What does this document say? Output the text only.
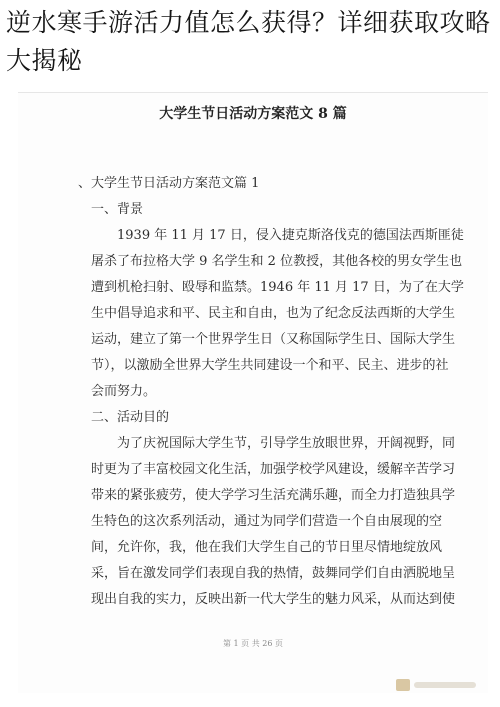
逆水寒手游活力值怎么获得？详细获取攻略大揭秘
大学生节日活动方案范文 8 篇
、大学生节日活动方案范文篇 1
一、背景
1939 年 11 月 17 日，侵入捷克斯洛伐克的德国法西斯匪徒
屠杀了布拉格大学 9 名学生和 2 位教授，其他各校的男女学生也
遭到机枪扫射、殴辱和监禁。1946 年 11 月 17 日，为了在大学
生中倡导追求和平、民主和自由，也为了纪念反法西斯的大学生
运动，建立了第一个世界学生日（又称国际学生日、国际大学生
节），以激励全世界大学生共同建设一个和平、民主、进步的社
会而努力。
二、活动目的
为了庆祝国际大学生节，引导学生放眼世界，开阔视野，同
时更为了丰富校园文化生活，加强学校学风建设，缓解辛苦学习
带来的紧张疲劳，使大学学习生活充满乐趣，而全力打造独具学
生特色的这次系列活动，通过为同学们营造一个自由展现的空
间，允许你，我，他在我们大学生自己的节日里尽情地绽放风
采，旨在激发同学们表现自我的热情，鼓舞同学们自由洒脱地呈
现出自我的实力，反映出新一代大学生的魅力风采，从而达到使
第 1 页 共 26 页
